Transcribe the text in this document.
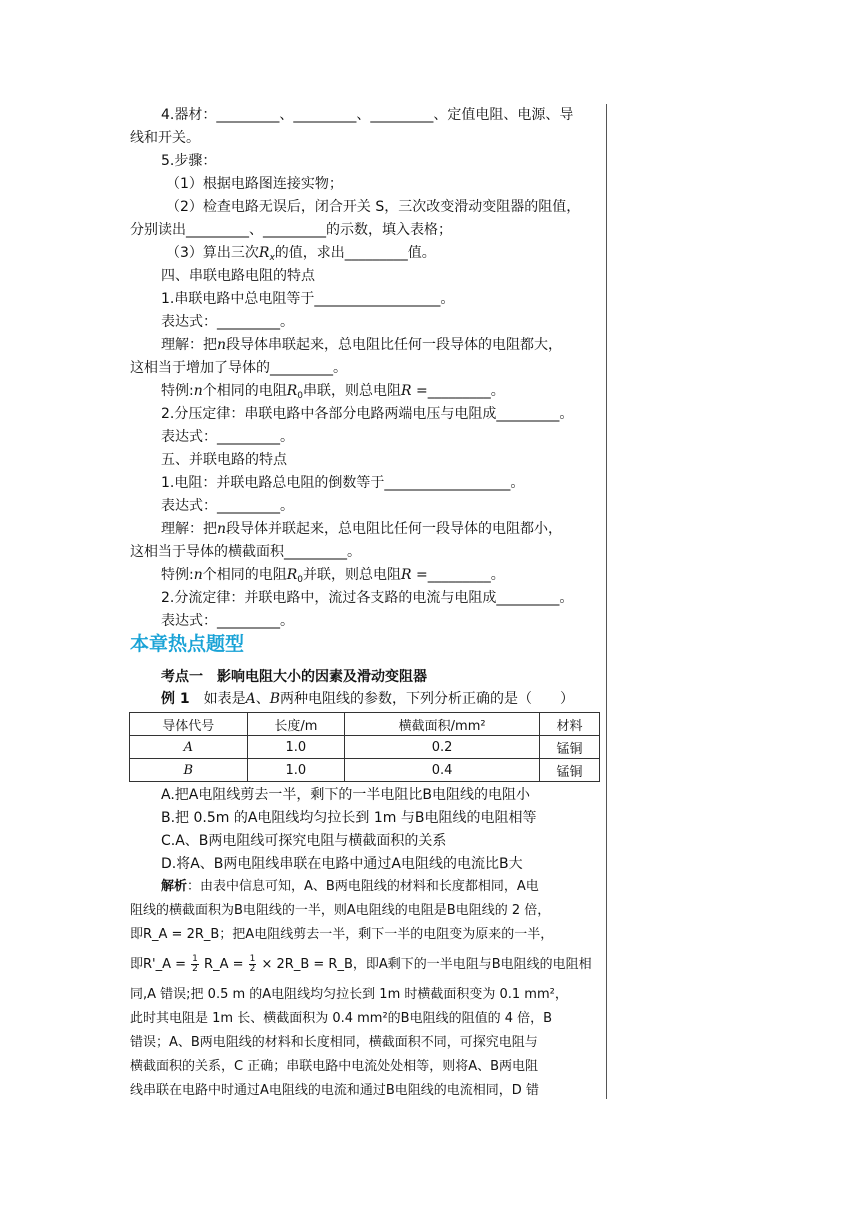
4.器材：_________、_________、_________、定值电阻、电源、导
线和开关。
5.步骤：
（1）根据电路图连接实物；
（2）检查电路无误后，闭合开关 S，三次改变滑动变阻器的阻值，
分别读出_________、_________的示数，填入表格；
（3）算出三次$R_x$的值，求出_________值。
四、串联电路电阻的特点
1.串联电路中总电阻等于__________________。
表达式：_________。
理解：把n段导体串联起来，总电阻比任何一段导体的电阻都大，
这相当于增加了导体的_________。
特例:n个相同的电阻$R_0$串联，则总电阻R =_________。
2.分压定律：串联电路中各部分电路两端电压与电阻成_________。
表达式：_________。
五、并联电路的特点
1.电阻：并联电路总电阻的倒数等于__________________。
表达式：_________。
理解：把n段导体并联起来，总电阻比任何一段导体的电阻都小，
这相当于导体的横截面积_________。
特例:n个相同的电阻$R_0$并联，则总电阻R =_________。
2.分流定律：并联电路中，流过各支路的电流与电阻成_________。
表达式：_________。
本章热点题型
考点一　影响电阻大小的因素及滑动变阻器
例 1　如表是A、B两种电阻线的参数，下列分析正确的是（　　）
导体代号	长度/m	横截面积/mm²	材料
A	1.0	0.2	锰铜
B	1.0	0.4	锰铜
A.把A电阻线剪去一半，剩下的一半电阻比B电阻线的电阻小
B.把 0.5m 的A电阻线均匀拉长到 1m 与B电阻线的电阻相等
C.A、B两电阻线可探究电阻与横截面积的关系
D.将A、B两电阻线串联在电路中通过A电阻线的电流比B大
解析：由表中信息可知，A、B两电阻线的材料和长度都相同，A电
阻线的横截面积为B电阻线的一半，则A电阻线的电阻是B电阻线的 2 倍，
即R_A = 2R_B；把A电阻线剪去一半，剩下一半的电阻变为原来的一半，
即R'_A = $\frac{1}{2}$ R_A = $\frac{1}{2}$ × 2R_B = R_B，即A剩下的一半电阻与B电阻线的电阻相
同,A 错误;把 0.5 m 的A电阻线均匀拉长到 1m 时横截面积变为 0.1 mm²，
此时其电阻是 1m 长、横截面积为 0.4 mm²的B电阻线的阻值的 4 倍，B
错误；A、B两电阻线的材料和长度相同，横截面积不同，可探究电阻与
横截面积的关系，C 正确；串联电路中电流处处相等，则将A、B两电阻
线串联在电路中时通过A电阻线的电流和通过B电阻线的电流相同，D 错
